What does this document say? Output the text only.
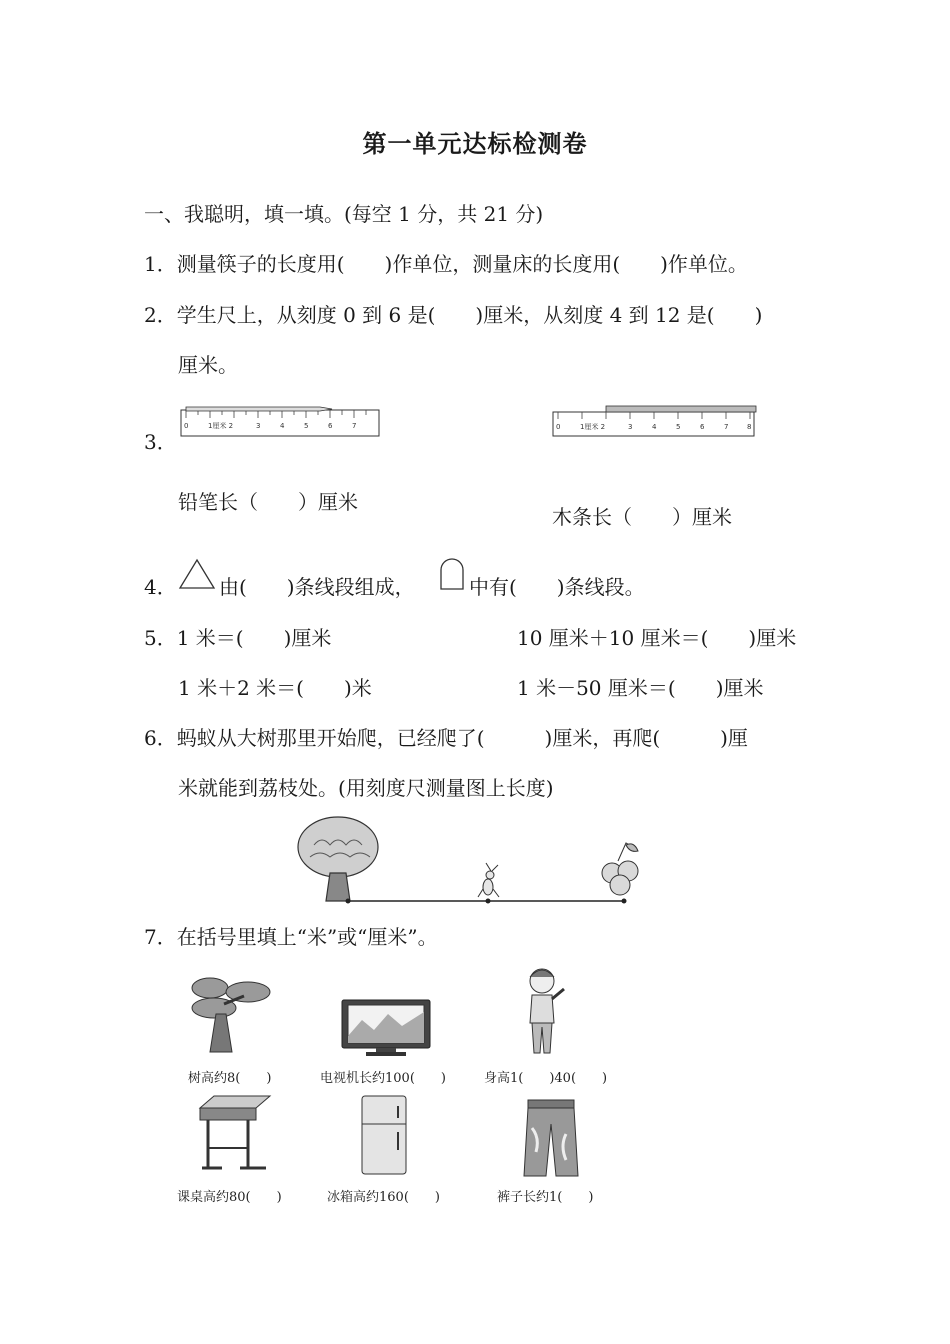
第一单元达标检测卷
一、我聪明，填一填。(每空 1 分，共 21 分)
1．测量筷子的长度用(　　)作单位，测量床的长度用(　　)作单位。
2．学生尺上，从刻度 0 到 6 是(　　)厘米，从刻度 4 到 12 是(　　)
厘米。
3．
0	1厘米 2	3	4	5	6	7	0	1厘米 2	3	4	5	6	7	8
铅笔长（　　）厘米
木条长（　　）厘米
4． 由(　　)条线段组成，	中有(　　)条线段。
5．1 米＝(　　)厘米	10 厘米＋10 厘米＝(　　)厘米
1 米＋2 米＝(　　)米	1 米－50 厘米＝(　　)厘米
6．蚂蚁从大树那里开始爬，已经爬了(　　　)厘米，再爬(　　　)厘
米就能到荔枝处。(用刻度尺测量图上长度)
7．在括号里填上“米”或“厘米”。
树高约8(　　)	电视机长约100(　　)	身高1(　　)40(　　)
课桌高约80(　　)	冰箱高约160(　　)	裤子长约1(　　)
